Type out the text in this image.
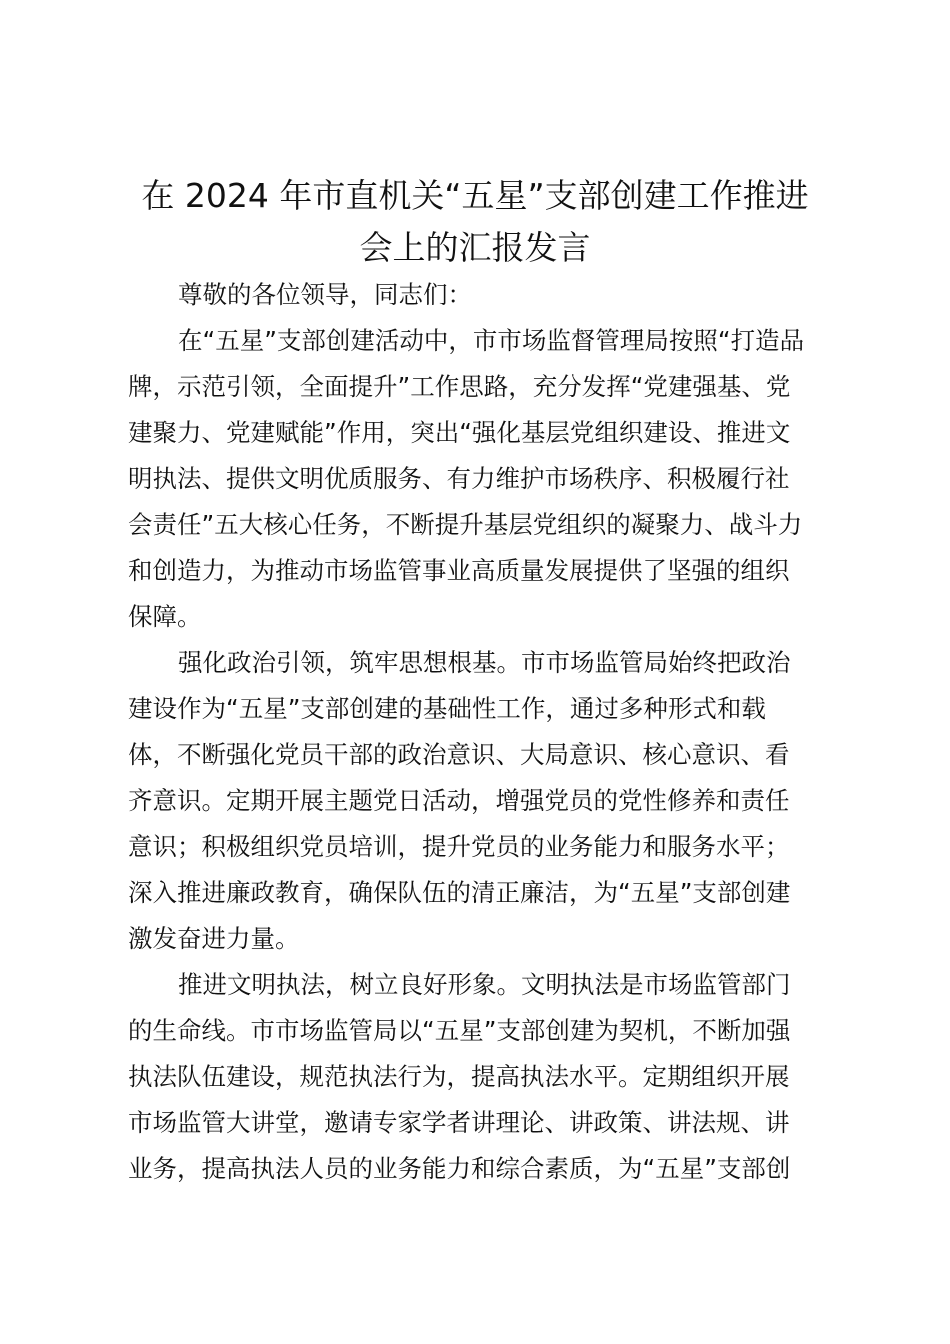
在 2024 年市直机关“五星”支部创建工作推进
会上的汇报发言
尊敬的各位领导，同志们：
在“五星”支部创建活动中，市市场监督管理局按照“打造品
牌，示范引领，全面提升”工作思路，充分发挥“党建强基、党
建聚力、党建赋能”作用，突出“强化基层党组织建设、推进文
明执法、提供文明优质服务、有力维护市场秩序、积极履行社
会责任”五大核心任务，不断提升基层党组织的凝聚力、战斗力
和创造力，为推动市场监管事业高质量发展提供了坚强的组织
保障。
强化政治引领，筑牢思想根基。市市场监管局始终把政治
建设作为“五星”支部创建的基础性工作，通过多种形式和载
体，不断强化党员干部的政治意识、大局意识、核心意识、看
齐意识。定期开展主题党日活动，增强党员的党性修养和责任
意识；积极组织党员培训，提升党员的业务能力和服务水平；
深入推进廉政教育，确保队伍的清正廉洁，为“五星”支部创建
激发奋进力量。
推进文明执法，树立良好形象。文明执法是市场监管部门
的生命线。市市场监管局以“五星”支部创建为契机，不断加强
执法队伍建设，规范执法行为，提高执法水平。定期组织开展
市场监管大讲堂，邀请专家学者讲理论、讲政策、讲法规、讲
业务，提高执法人员的业务能力和综合素质，为“五星”支部创
